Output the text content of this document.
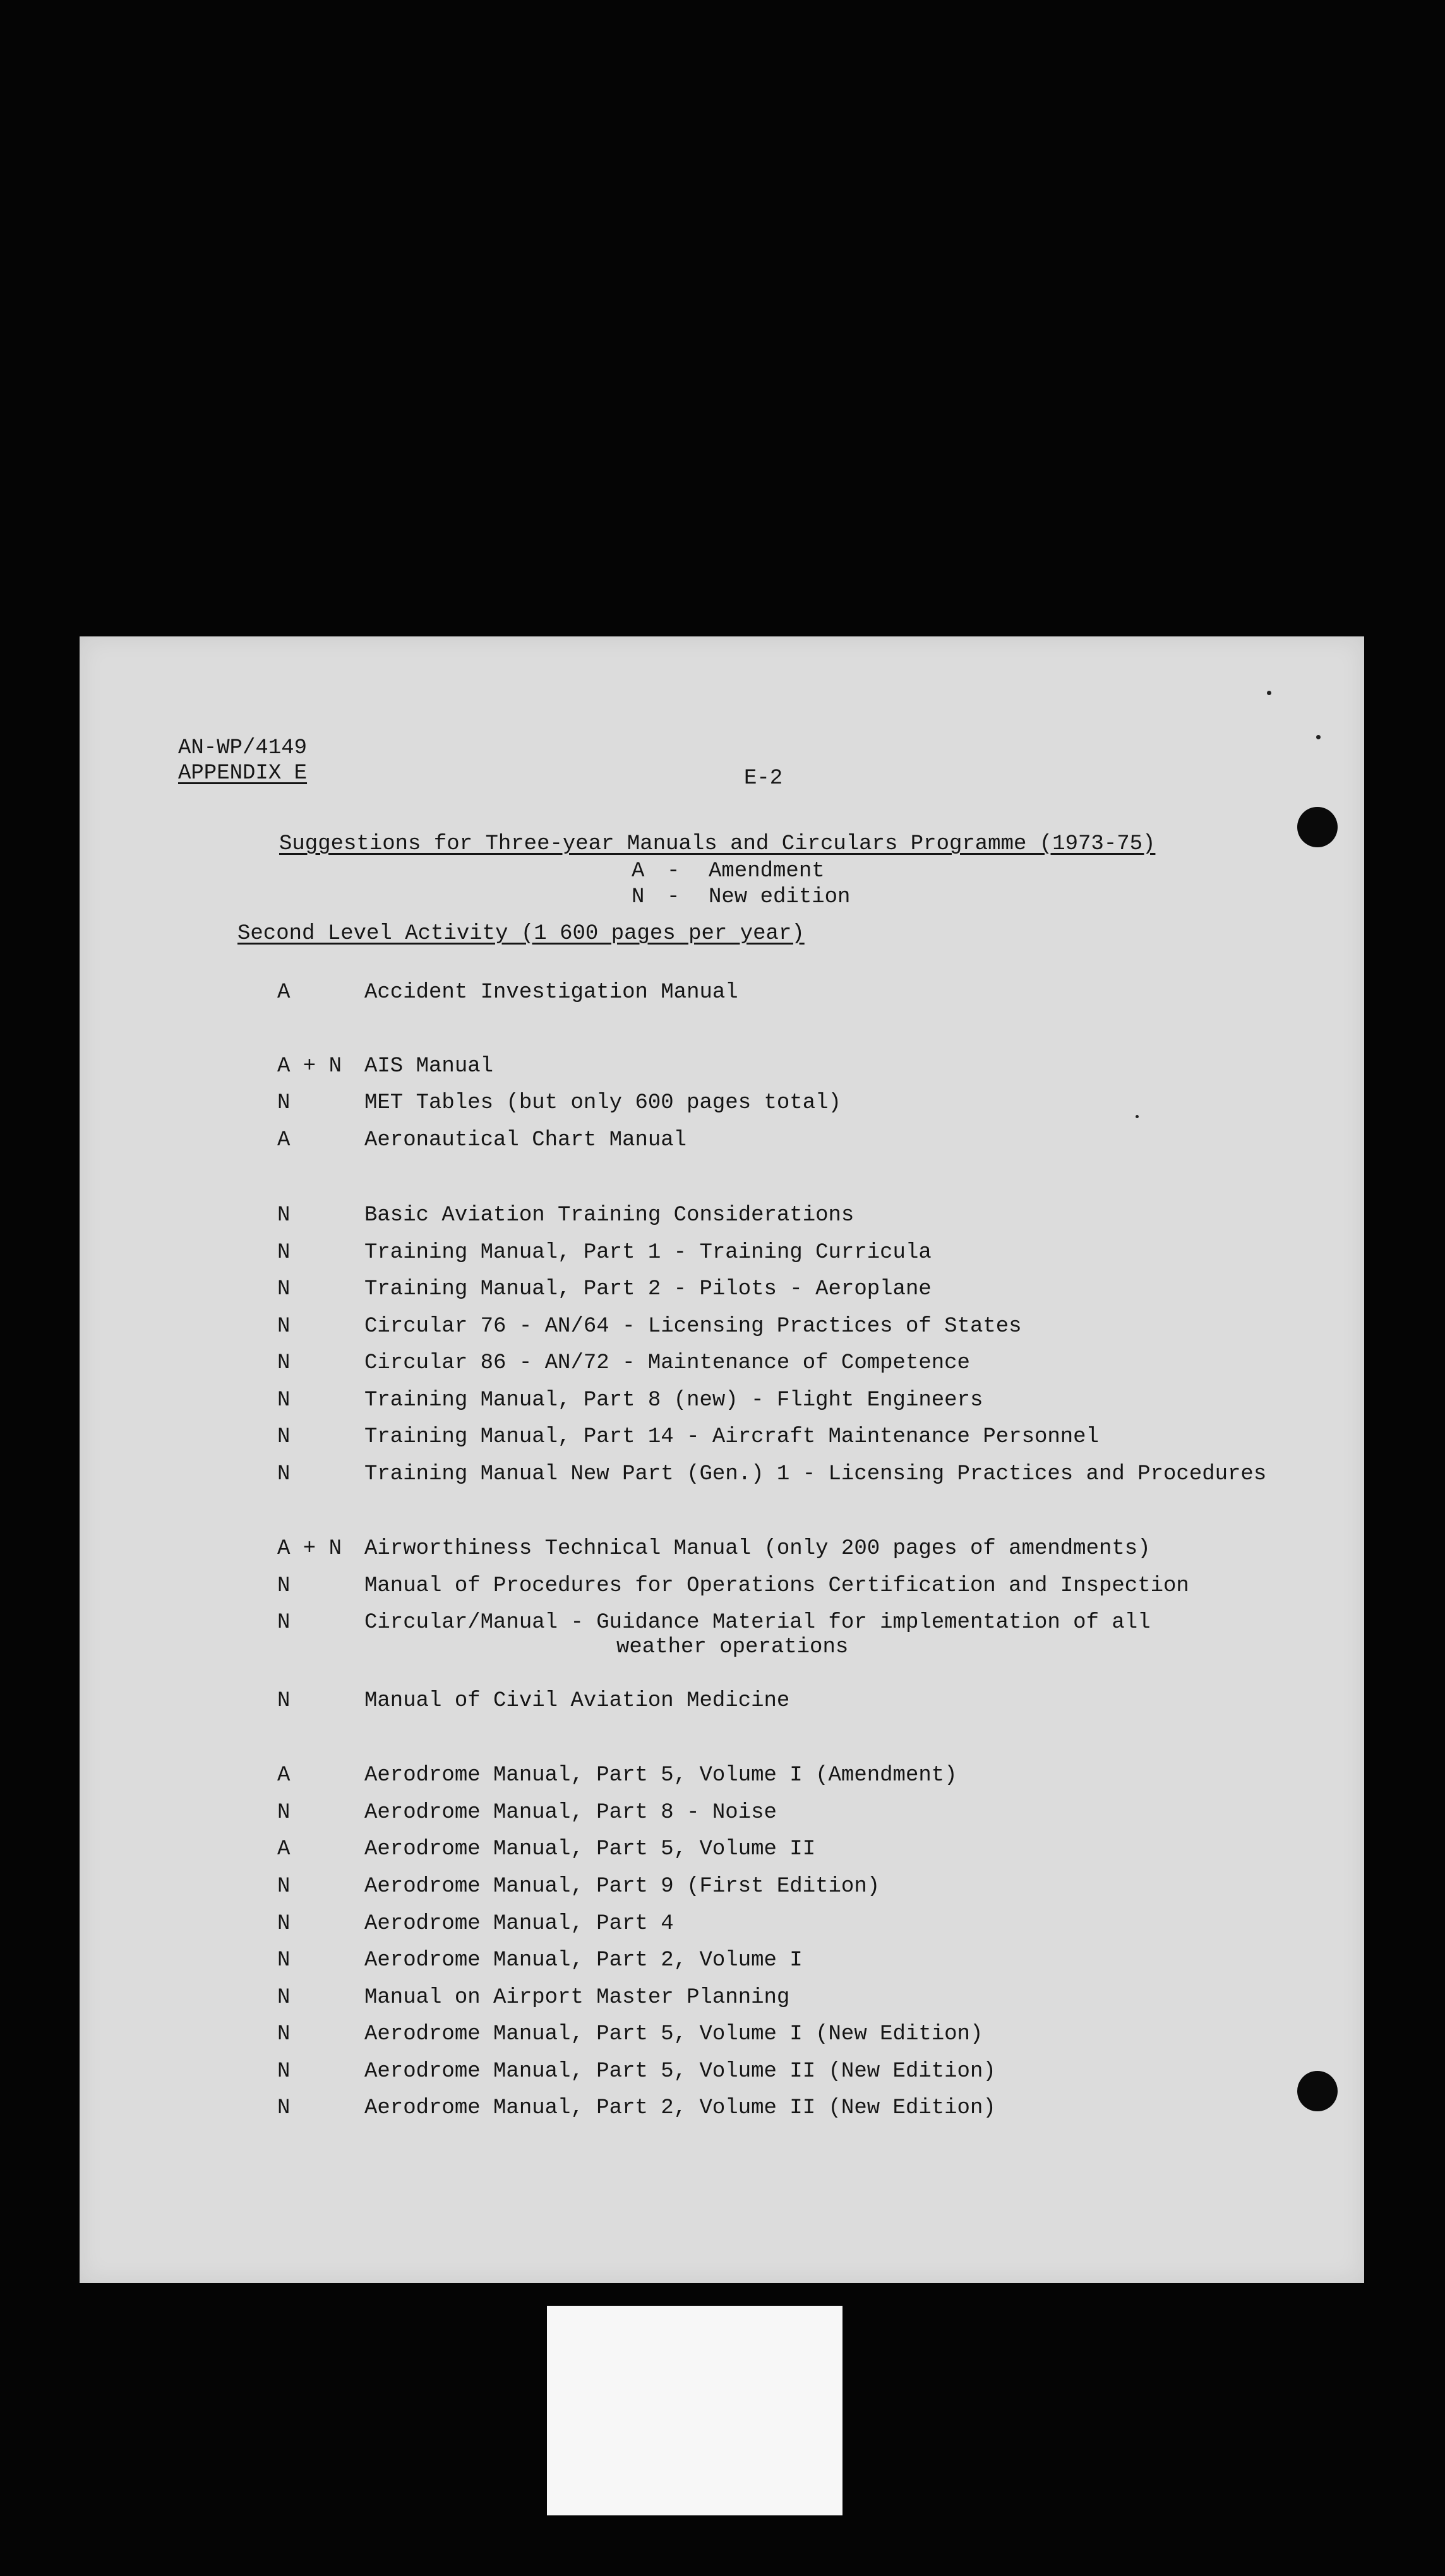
AN-WP/4149
APPENDIX E	E-2
Suggestions for Three-year Manuals and Circulars Programme (1973-75)
A - Amendment
N - New edition
Second Level Activity (1 600 pages per year)
A	Accident Investigation Manual
A + N AIS Manual
N	MET Tables (but only 600 pages total)
A	Aeronautical Chart Manual
N	Basic Aviation Training Considerations
N	Training Manual, Part 1 - Training Curricula
N	Training Manual, Part 2 - Pilots - Aeroplane
N	Circular 76 - AN/64 - Licensing Practices of States
N	Circular 86 - AN/72 - Maintenance of Competence
N	Training Manual, Part 8 (new) - Flight Engineers
N	Training Manual, Part 14 - Aircraft Maintenance Personnel
N	Training Manual New Part (Gen.) 1 - Licensing Practices and Procedures
A + N Airworthiness Technical Manual (only 200 pages of amendments)
N	Manual of Procedures for Operations Certification and Inspection
N	Circular/Manual - Guidance Material for implementation of all
weather operations
N	Manual of Civil Aviation Medicine
A	Aerodrome Manual, Part 5, Volume I (Amendment)
N	Aerodrome Manual, Part 8 - Noise
A	Aerodrome Manual, Part 5, Volume II
N	Aerodrome Manual, Part 9 (First Edition)
N	Aerodrome Manual, Part 4
N	Aerodrome Manual, Part 2, Volume I
N	Manual on Airport Master Planning
N	Aerodrome Manual, Part 5, Volume I (New Edition)
N	Aerodrome Manual, Part 5, Volume II (New Edition)
N	Aerodrome Manual, Part 2, Volume II (New Edition)
